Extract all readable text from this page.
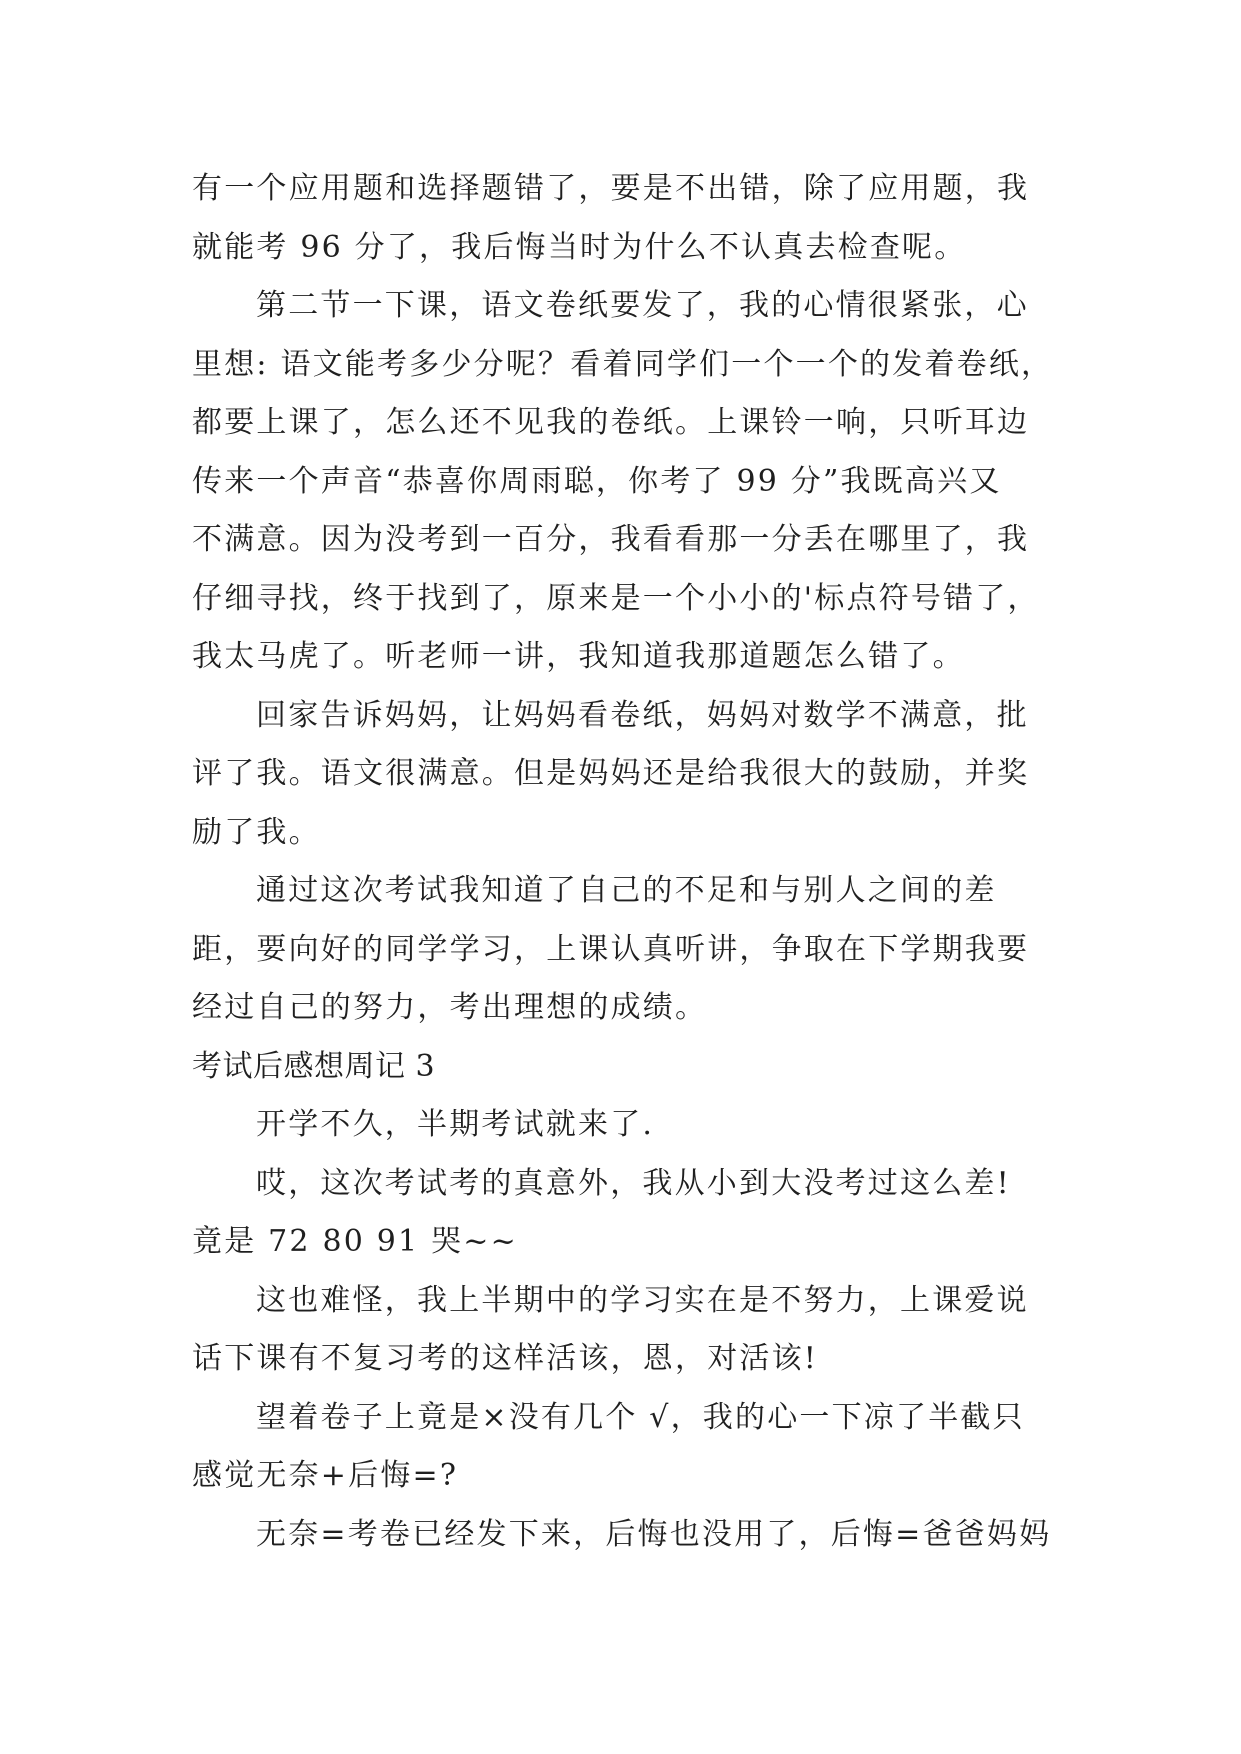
有一个应用题和选择题错了，要是不出错，除了应用题，我
就能考 96 分了，我后悔当时为什么不认真去检查呢。
第二节一下课，语文卷纸要发了，我的心情很紧张，心
里想: 语文能考多少分呢？看着同学们一个一个的发着卷纸，
都要上课了，怎么还不见我的卷纸。上课铃一响，只听耳边
传来一个声音“恭喜你周雨聪，你考了 99 分”我既高兴又
不满意。因为没考到一百分，我看看那一分丢在哪里了，我
仔细寻找，终于找到了，原来是一个小小的'标点符号错了，
我太马虎了。听老师一讲，我知道我那道题怎么错了。
回家告诉妈妈，让妈妈看卷纸，妈妈对数学不满意，批
评了我。语文很满意。但是妈妈还是给我很大的鼓励，并奖
励了我。
通过这次考试我知道了自己的不足和与别人之间的差
距，要向好的同学学习，上课认真听讲，争取在下学期我要
经过自己的努力，考出理想的成绩。
考试后感想周记 3
开学不久，半期考试就来了.
哎，这次考试考的真意外，我从小到大没考过这么差!
竟是 72 80 91 哭~~
这也难怪，我上半期中的学习实在是不努力，上课爱说
话下课有不复习考的这样活该，恩，对活该!
望着卷子上竟是×没有几个 √，我的心一下凉了半截只
感觉无奈+后悔=?
无奈=考卷已经发下来，后悔也没用了，后悔=爸爸妈妈
